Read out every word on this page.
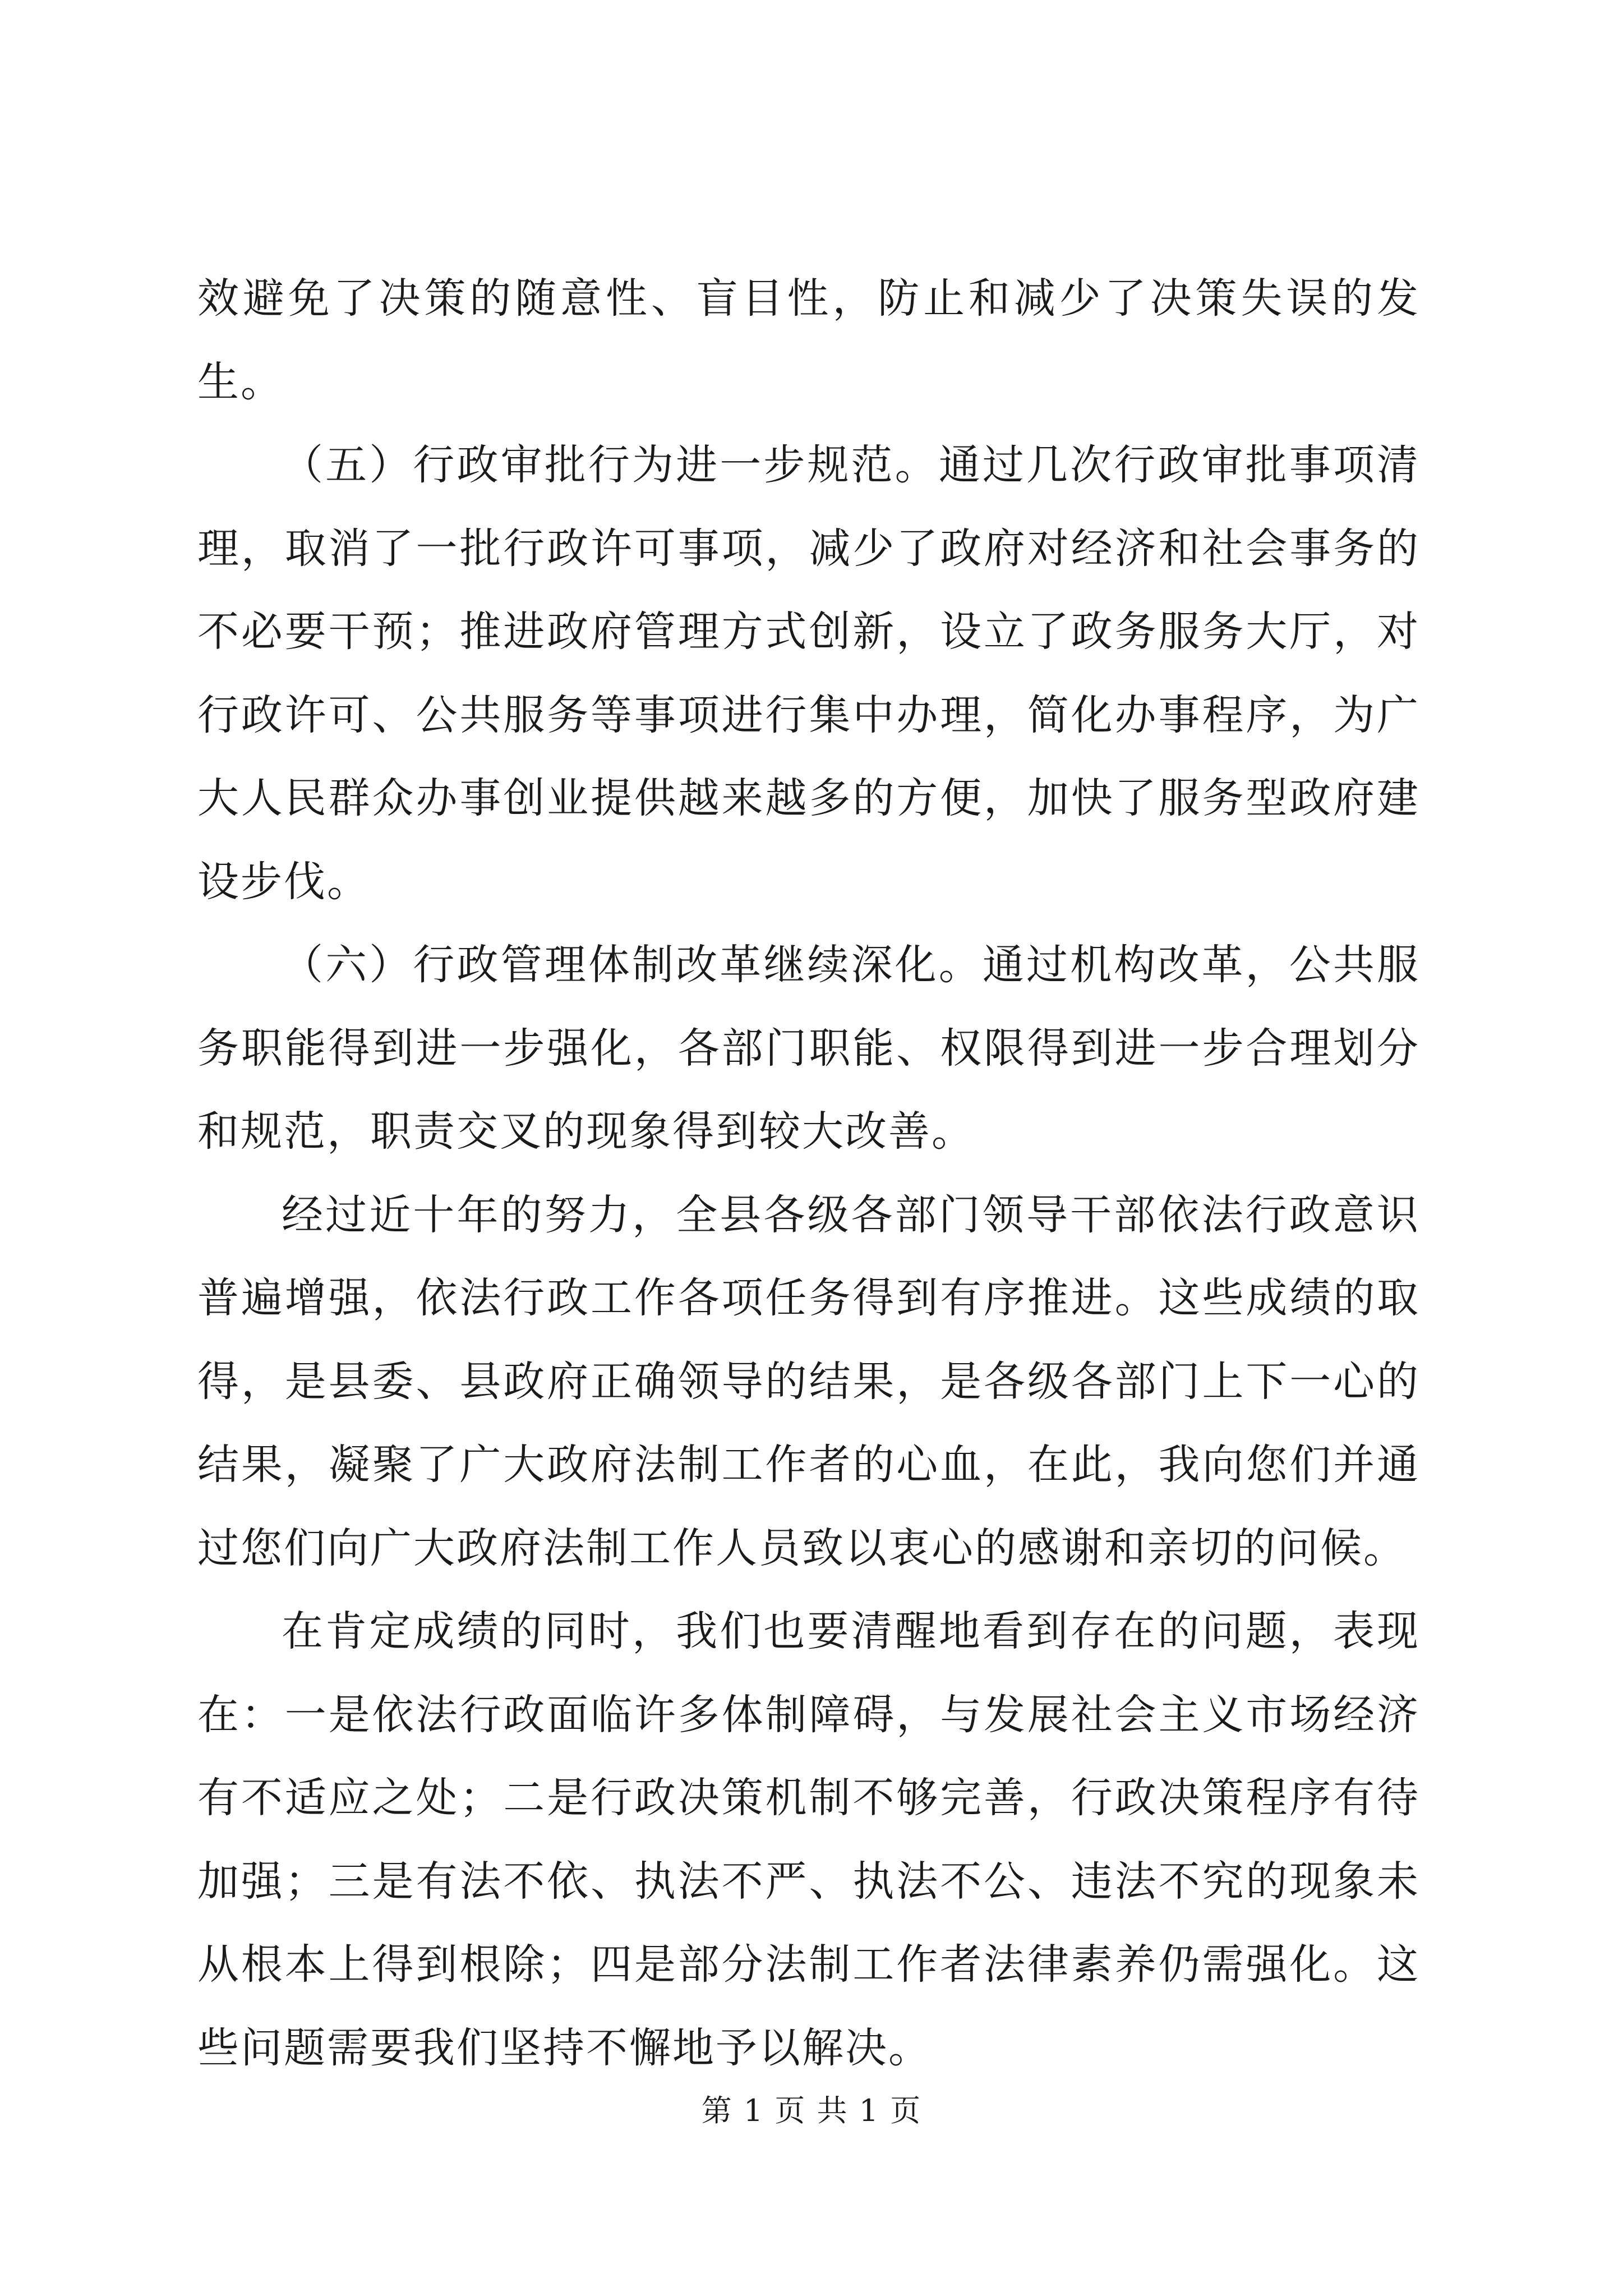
效避免了决策的随意性、盲目性，防止和减少了决策失误的发生。

（五）行政审批行为进一步规范。通过几次行政审批事项清理，取消了一批行政许可事项，减少了政府对经济和社会事务的不必要干预；推进政府管理方式创新，设立了政务服务大厅，对行政许可、公共服务等事项进行集中办理，简化办事程序，为广大人民群众办事创业提供越来越多的方便，加快了服务型政府建设步伐。

（六）行政管理体制改革继续深化。通过机构改革，公共服务职能得到进一步强化，各部门职能、权限得到进一步合理划分和规范，职责交叉的现象得到较大改善。

经过近十年的努力，全县各级各部门领导干部依法行政意识普遍增强，依法行政工作各项任务得到有序推进。这些成绩的取得，是县委、县政府正确领导的结果，是各级各部门上下一心的结果，凝聚了广大政府法制工作者的心血，在此，我向您们并通过您们向广大政府法制工作人员致以衷心的感谢和亲切的问候。

在肯定成绩的同时，我们也要清醒地看到存在的问题，表现在：一是依法行政面临许多体制障碍，与发展社会主义市场经济有不适应之处；二是行政决策机制不够完善，行政决策程序有待加强；三是有法不依、执法不严、执法不公、违法不究的现象未从根本上得到根除；四是部分法制工作者法律素养仍需强化。这些问题需要我们坚持不懈地予以解决。

第 1 页 共 1 页
